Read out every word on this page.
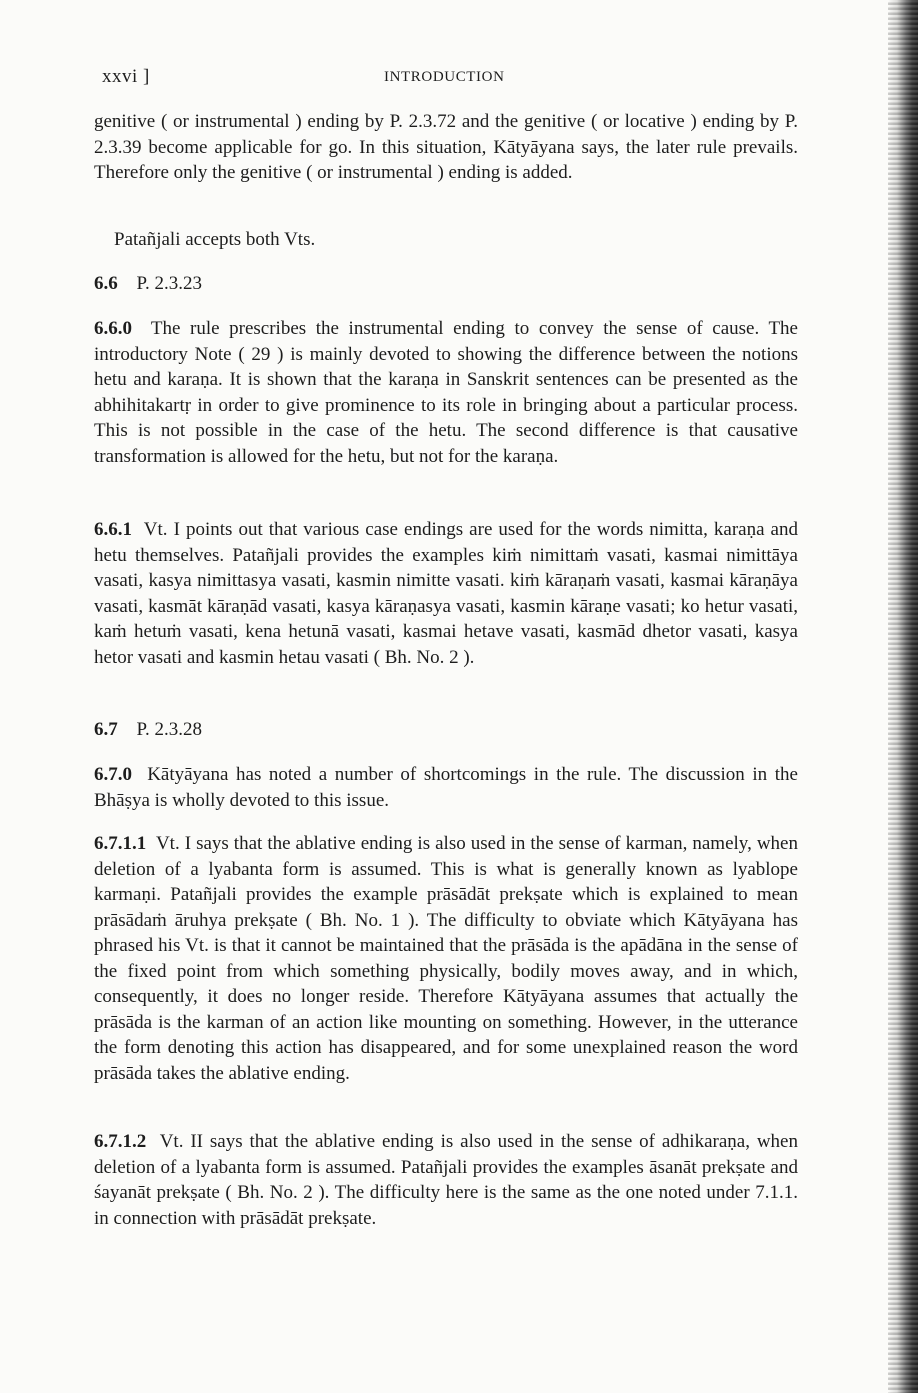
xxvi ]	INTRODUCTION

genitive ( or instrumental ) ending by P. 2.3.72 and the genitive ( or locative ) ending by P. 2.3.39 become applicable for go. In this situation, Kātyāyana says, the later rule prevails. Therefore only the genitive ( or instrumental ) ending is added.

Patañjali accepts both Vts.

6.6 P. 2.3.23

6.6.0 The rule prescribes the instrumental ending to convey the sense of cause. The introductory Note ( 29 ) is mainly devoted to showing the difference between the notions hetu and karaṇa. It is shown that the karaṇa in Sanskrit sentences can be presented as the abhihitakartṛ in order to give prominence to its role in bringing about a particular process. This is not possible in the case of the hetu. The second difference is that causative transformation is allowed for the hetu, but not for the karaṇa.

6.6.1 Vt. I points out that various case endings are used for the words nimitta, karaṇa and hetu themselves. Patañjali provides the examples kiṁ nimittaṁ vasati, kasmai nimittāya vasati, kasya nimittasya vasati, kasmin nimitte vasati. kiṁ kāraṇaṁ vasati, kasmai kāraṇāya vasati, kasmāt kāraṇād vasati, kasya kāraṇasya vasati, kasmin kāraṇe vasati; ko hetur vasati, kaṁ hetuṁ vasati, kena hetunā vasati, kasmai hetave vasati, kasmād dhetor vasati, kasya hetor vasati and kasmin hetau vasati ( Bh. No. 2 ).

6.7 P. 2.3.28

6.7.0 Kātyāyana has noted a number of shortcomings in the rule. The discussion in the Bhāṣya is wholly devoted to this issue.

6.7.1.1 Vt. I says that the ablative ending is also used in the sense of karman, namely, when deletion of a lyabanta form is assumed. This is what is generally known as lyablope karmaṇi. Patañjali provides the example prāsādāt prekṣate which is explained to mean prāsādaṁ āruhya prekṣate ( Bh. No. 1 ). The difficulty to obviate which Kātyāyana has phrased his Vt. is that it cannot be maintained that the prāsāda is the apādāna in the sense of the fixed point from which something physically, bodily moves away, and in which, consequently, it does no longer reside. Therefore Kātyāyana assumes that actually the prāsāda is the karman of an action like mounting on something. However, in the utterance the form denoting this action has disappeared, and for some unexplained reason the word prāsāda takes the ablative ending.

6.7.1.2 Vt. II says that the ablative ending is also used in the sense of adhikaraṇa, when deletion of a lyabanta form is assumed. Patañjali provides the examples āsanāt prekṣate and śayanāt prekṣate ( Bh. No. 2 ). The difficulty here is the same as the one noted under 7.1.1. in connection with prāsādāt prekṣate.
